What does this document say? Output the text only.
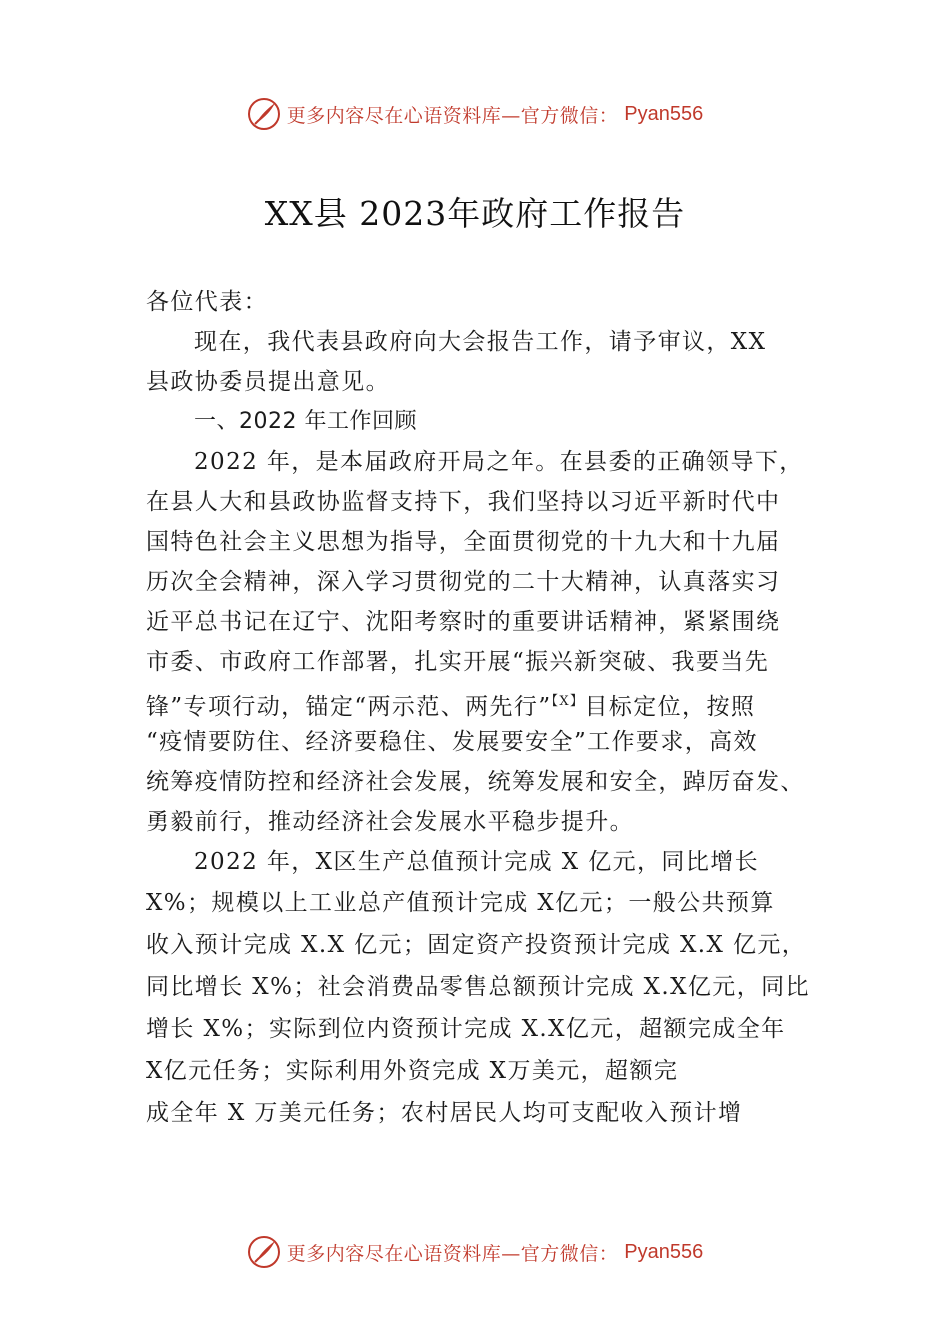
更多内容尽在心语资料库—官方微信： Pyan556
XX县 2023年政府工作报告
各位代表：
现在，我代表县政府向大会报告工作，请予审议，XX
县政协委员提出意见。
一、2022 年工作回顾
2022 年，是本届政府开局之年。在县委的正确领导下，
在县人大和县政协监督支持下，我们坚持以习近平新时代中
国特色社会主义思想为指导，全面贯彻党的十九大和十九届
历次全会精神，深入学习贯彻党的二十大精神，认真落实习
近平总书记在辽宁、沈阳考察时的重要讲话精神，紧紧围绕
市委、市政府工作部署，扎实开展“振兴新突破、我要当先
锋”专项行动，锚定“两示范、两先行”$^{【X】}$目标定位，按照
“疫情要防住、经济要稳住、发展要安全”工作要求，高效
统筹疫情防控和经济社会发展，统筹发展和安全，踔厉奋发、
勇毅前行，推动经济社会发展水平稳步提升。
2022 年，X区生产总值预计完成 X 亿元，同比增长
X%；规模以上工业总产值预计完成 X亿元；一般公共预算
收入预计完成 X.X 亿元；固定资产投资预计完成 X.X 亿元，
同比增长 X%；社会消费品零售总额预计完成 X.X亿元，同比
增长 X%；实际到位内资预计完成 X.X亿元，超额完成全年
X亿元任务；实际利用外资完成 X万美元，超额完
成全年 X 万美元任务；农村居民人均可支配收入预计增
更多内容尽在心语资料库—官方微信： Pyan556
